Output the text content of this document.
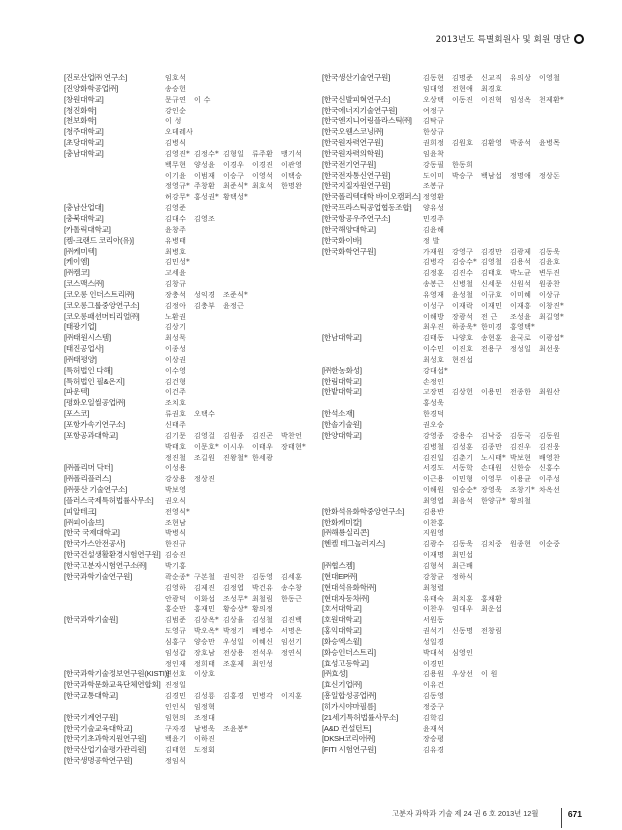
2013년도 특별회원사 및 회원 명단
[진로산업㈜ 연구소]	임호석
[진양화학공업㈜]	송승헌
[창원대학교]	문규연	이 수
[청진화학]	강인순
[천보화학]	이 성
[청주대학교]	오데레사
[초당대학교]	김병식
[충남대학교]	김영진* 김정수* 김형일	류주환	맹기석
백무현	양성윤	이경우	이경진	이관영
이기윤	이범재	이승구	이영석	이택승
정영규* 주창환	최준식* 최호석	한명완
허강무* 홍성권* 황택성*
[충남산업대]	김영준
[충북대학교]	김대수	김영조
[카톨릭대학교]	윤창주
[켐-크랜드 코리아(유)]	유병태
[㈜케미텍]	최병호
[케이엠]	김민성*
[㈜켐코]	고세윤
[코스맥스㈜]	김창규
[코오롱 인더스트리㈜]	장충석	성익경	조준식*
[코오롱그룹중앙연구소]	김정아	김충부	윤정근
[코오롱패션머티리얼㈜]	노환권
[태광기업]	김상기
[㈜태원시스템]	최성묵
[태진공업사]	이종성
[㈜태평양]	이상권
[특허법인 다해]	이수영
[특허법인 필&온지]	김건형
[파운텍]	이건주
[평화오일씰공업㈜]	조치호
[포스코]	류권호	오택수
[포항가속기연구소]	신태주
[포항공과대학교]	김기문	김영걸	김원종	김진곤	박찬언
박태호	이문호* 이시우	이태우	장태현*
정진철	조길원	진왕철* 한세광
[㈜폴리머 닥터]	이성용
[㈜폴리플러스]	강상용	정상진
[㈜풍산 기술연구소]	박보영
[플러스국제특허법률사무소]	권오식
[피알테크]	전영식*
[㈜피이솔브]	조현남
[한국 국제대학교]	박병식
[한국가스안전공사]	한진규
[한국건설생활환경시험연구원] 김승진
[한국고분자시험연구소㈜]	박기홍
[한국과학기술연구원]	곽순종* 구본철	권익찬	김동영	김세훈
김영하	김제진	김정엽	박건유	송수창
안광덕	이화섭	조성무* 최철림	한동근
홍순만	홍재민	황승상* 황의정
[한국과학기술원]	김범준	김상옥* 김상율	김성철	김진백
도영규	박오옥* 박정기	배병수	서명은
심홍구	양승만	우성일	이혜신	임선기
임성갑	장호남	전상용	전석우	정연식
정인재	정희태	조훈제	최인성
[한국과학기술정보연구원(KISTI)]
변선호	이상호
[한국과학문화교육단체연합회] 진정일
[한국교통대학교]	김경민	김성룡	김홍경	민병각	이지훈
인인식	임정혁
[한국기계연구원]	임현의	조정대
[한국기술교육대학교]	구자경	남병욱	조윤봉*
[한국기초과학지원연구원]	백윤기	이하진
[한국산업기술평가관리원]	김태헌	도정회
[한국생명공학연구원]	정임식
[한국생산기술연구원]	김동현	김명준	신교직	유의상	이영철
임대영	전현애	최경호
[한국신발피혁연구소]	오상택	이동진	이진혁	임성옥	천제환*
[한국에너지기술연구원]	여정구
[한국엔지니어링플라스틱㈜]	김탁규
[한국오웬스코닝㈜]	한상규
[한국원자력연구원]	권희정	김원호	김환영	박종석	윤병목
[한국원자력의학원]	임윤착
[한국전기연구원]	강동필	한동희
[한국전자통신연구원]	도이미	박승구	백남섭	정명애	정상돈
[한국지질자원연구원]	조봉규
[한국폴리텍대학 바이오캠퍼스] 정영환
[한국프라스틱공업협동조합]	양유성
[한국항공우주연구소]	민경주
[한국해양대학교]	김윤해
[한국화이바]	정 발
[한국화학연구원]	가재원	강영구	김경만	김광제	김동욱
김병각	김승수* 김영철	김용석	김윤호
김정훈	김진수	김태호	박노균	변두진
송봉근	신병철	신세문	신원석	원종찬
유영재	윤성철	이규호	이미혜	이상규
이성구	이재락	이재민	이재흥	이창진*
이해방	장광석	전 근	조성윤	최길영*
최우진	하종욱* 한미경	홍영택*
[한남대학교]	김태동	나양호	송현훈	윤국로	이광섭*
이수민	이진호	전용구	정성일	최선웅
최성호	현진섭
[㈜한농화성]	강대섭*
[한림대학교]	손정인
[한밭대학교]	고장면	김상헌	이용민	전종한	최원산
홍성욱
[한석소재]	한경덕
[한솔기술원]	권오승
[한양대학교]	강영종	강용수	김낙중	김동국	김동원
김병철	김성훈	김종만	김진우	김진웅
김진일	김춘기	노시태* 박보현	배영찬
서경도	서동학	손대원	신한승	신홍수
이근용	이민형	이영무	이용균	이주성
이해원	임승순* 장영욱	조창기* 차옥선
최영엽	최음석	한양규* 황의철
[한화석유화학중앙연구소]	김용반
[한화케미칼]	이찬홍
[㈜해룡실리콘]	지원영
[헨켈 테그놀러지스]	김광수	김동욱	김치중	원종현	이순중
이재명	최민섭
[㈜협스켐]	김형석	최근배
[현대EP㈜]	강창균	정하식
[현대석유화학㈜]	최청렬
[현대자동차㈜]	유태숙	최치훈	홍채환
[호서대학교]	이찬우	임대우	최운섭
[호원대학교]	서원동
[홍익대학교]	권석기	신동명	전창림
[화승엑스윌]	성일경
[화승인더스트리]	박대석	심영인
[효성고등학교]	이경민
[㈜효성]	김용원	우상선	이 원
[효신기업㈜]	이유건
[흥일합성공업㈜]	김동영
[히가시야마필름]	정중구
[21세기특허법률사무소]	김학김
[A&D 컨설턴트]	윤재석
[DKSH코리아㈜]	장승평
[FITI 시험연구원]	김유경
고분자 과학과 기술 제 24 권 6 호 2013년 12월	671
